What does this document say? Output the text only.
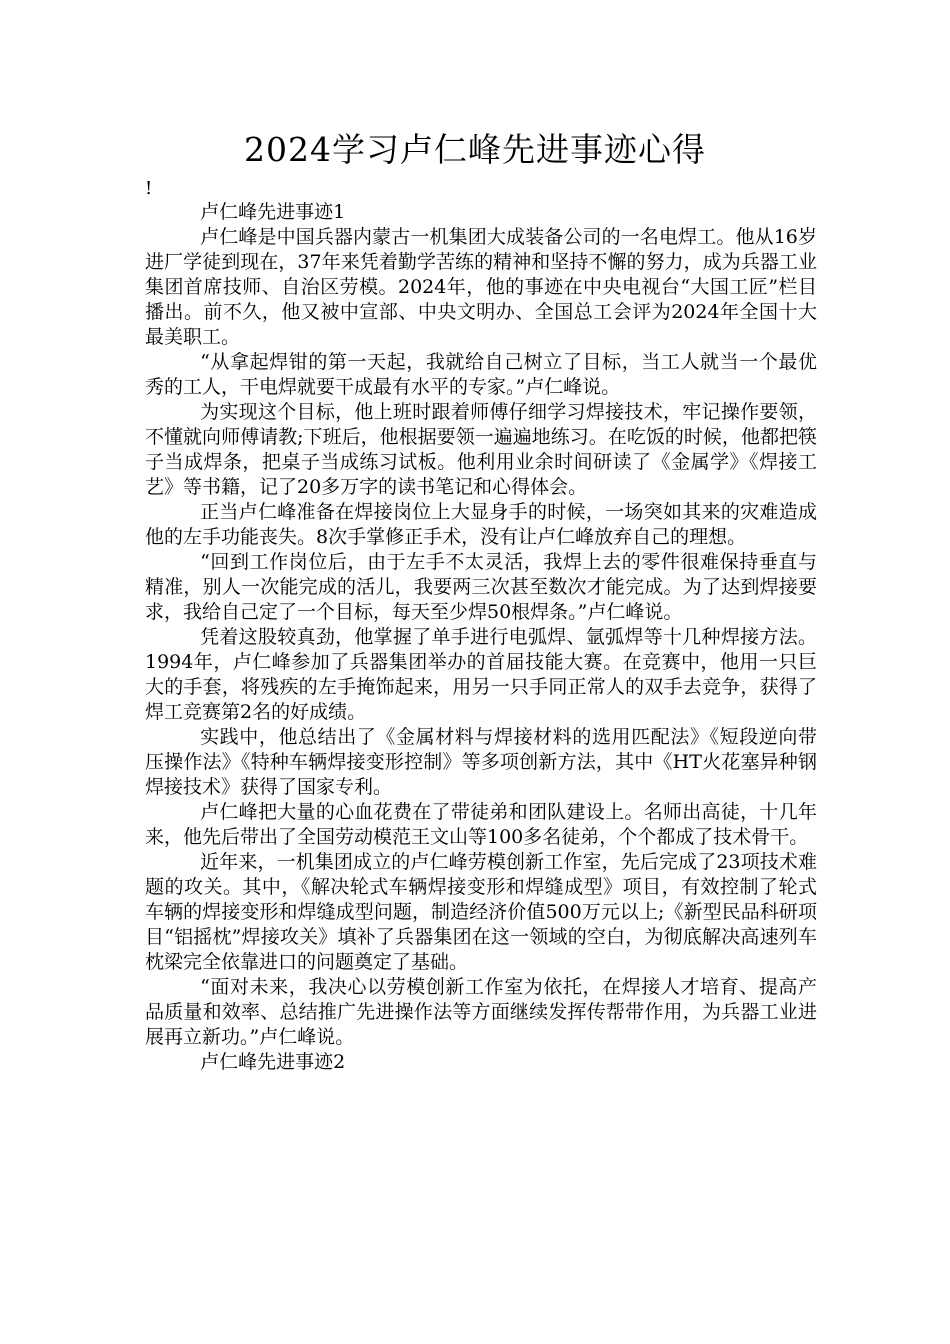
2024学习卢仁峰先进事迹心得
!

卢仁峰先进事迹1

卢仁峰是中国兵器内蒙古一机集团大成装备公司的一名电焊工。他从16岁进厂学徒到现在，37年来凭着勤学苦练的精神和坚持不懈的努力，成为兵器工业集团首席技师、自治区劳模。2024年，他的事迹在中央电视台“大国工匠”栏目播出。前不久，他又被中宣部、中央文明办、全国总工会评为2024年全国十大最美职工。

“从拿起焊钳的第一天起，我就给自己树立了目标，当工人就当一个最优秀的工人，干电焊就要干成最有水平的专家。”卢仁峰说。

为实现这个目标，他上班时跟着师傅仔细学习焊接技术，牢记操作要领，不懂就向师傅请教;下班后，他根据要领一遍遍地练习。在吃饭的时候，他都把筷子当成焊条，把桌子当成练习试板。他利用业余时间研读了《金属学》《焊接工艺》等书籍，记了20多万字的读书笔记和心得体会。

正当卢仁峰准备在焊接岗位上大显身手的时候，一场突如其来的灾难造成他的左手功能丧失。8次手掌修正手术，没有让卢仁峰放弃自己的理想。

“回到工作岗位后，由于左手不太灵活，我焊上去的零件很难保持垂直与精准，别人一次能完成的活儿，我要两三次甚至数次才能完成。为了达到焊接要求，我给自己定了一个目标，每天至少焊50根焊条。”卢仁峰说。

凭着这股较真劲，他掌握了单手进行电弧焊、氩弧焊等十几种焊接方法。1994年，卢仁峰参加了兵器集团举办的首届技能大赛。在竞赛中，他用一只巨大的手套，将残疾的左手掩饰起来，用另一只手同正常人的双手去竞争，获得了焊工竞赛第2名的好成绩。

实践中，他总结出了《金属材料与焊接材料的选用匹配法》《短段逆向带压操作法》《特种车辆焊接变形控制》等多项创新方法，其中《HT火花塞异种钢焊接技术》获得了国家专利。

卢仁峰把大量的心血花费在了带徒弟和团队建设上。名师出高徒，十几年来，他先后带出了全国劳动模范王文山等100多名徒弟，个个都成了技术骨干。

近年来，一机集团成立的卢仁峰劳模创新工作室，先后完成了23项技术难题的攻关。其中，《解决轮式车辆焊接变形和焊缝成型》项目，有效控制了轮式车辆的焊接变形和焊缝成型问题，制造经济价值500万元以上;《新型民品科研项目“铝摇枕”焊接攻关》填补了兵器集团在这一领域的空白，为彻底解决高速列车枕梁完全依靠进口的问题奠定了基础。

“面对未来，我决心以劳模创新工作室为依托，在焊接人才培育、提高产品质量和效率、总结推广先进操作法等方面继续发挥传帮带作用，为兵器工业进展再立新功。”卢仁峰说。

卢仁峰先进事迹2
